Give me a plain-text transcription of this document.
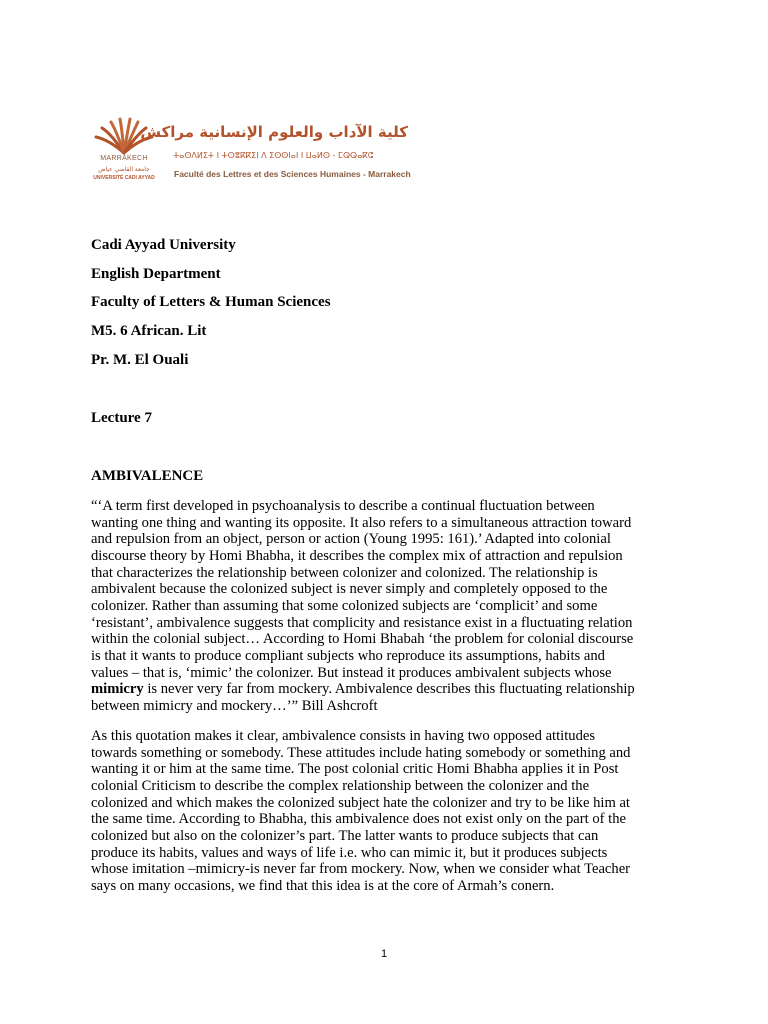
MARRAKECH
جامعة القاضي عياض
UNIVERSITÉ CADI AYYAD
كلية الآداب والعلوم الإنسانية مراكش
ⵜⴰⵙⴷⵍⵉⵜ ⵏ ⵜⵙⴻⴽⴽⵉⵏ ⴷ ⵉⵙⵙⵏⴰⵏ ⵏ ⵡⴰⵍⵙ - ⵎⵕⵕⴰⴽⵛ
Faculté des Lettres et des Sciences Humaines - Marrakech
Cadi Ayyad University
English Department
Faculty of Letters & Human Sciences
M5. 6 African. Lit
Pr. M. El Ouali
Lecture 7
AMBIVALENCE
“‘A term first developed in psychoanalysis to describe a continual fluctuation between
wanting one thing and wanting its opposite. It also refers to a simultaneous attraction toward
and repulsion from an object, person or action (Young 1995: 161).’ Adapted into colonial
discourse theory by Homi Bhabha, it describes the complex mix of attraction and repulsion
that characterizes the relationship between colonizer and colonized. The relationship is
ambivalent because the colonized subject is never simply and completely opposed to the
colonizer. Rather than assuming that some colonized subjects are ‘complicit’ and some
‘resistant’, ambivalence suggests that complicity and resistance exist in a fluctuating relation
within the colonial subject… According to Homi Bhabah ‘the problem for colonial discourse
is that it wants to produce compliant subjects who reproduce its assumptions, habits and
values – that is, ‘mimic’ the colonizer. But instead it produces ambivalent subjects whose
mimicry is never very far from mockery. Ambivalence describes this fluctuating relationship
between mimicry and mockery…’” Bill Ashcroft
As this quotation makes it clear, ambivalence consists in having two opposed attitudes
towards something or somebody. These attitudes include hating somebody or something and
wanting it or him at the same time. The post colonial critic Homi Bhabha applies it in Post
colonial Criticism to describe the complex relationship between the colonizer and the
colonized and which makes the colonized subject hate the colonizer and try to be like him at
the same time. According to Bhabha, this ambivalence does not exist only on the part of the
colonized but also on the colonizer’s part. The latter wants to produce subjects that can
produce its habits, values and ways of life i.e. who can mimic it, but it produces subjects
whose imitation –mimicry-is never far from mockery. Now, when we consider what Teacher
says on many occasions, we find that this idea is at the core of Armah’s conern.
1
